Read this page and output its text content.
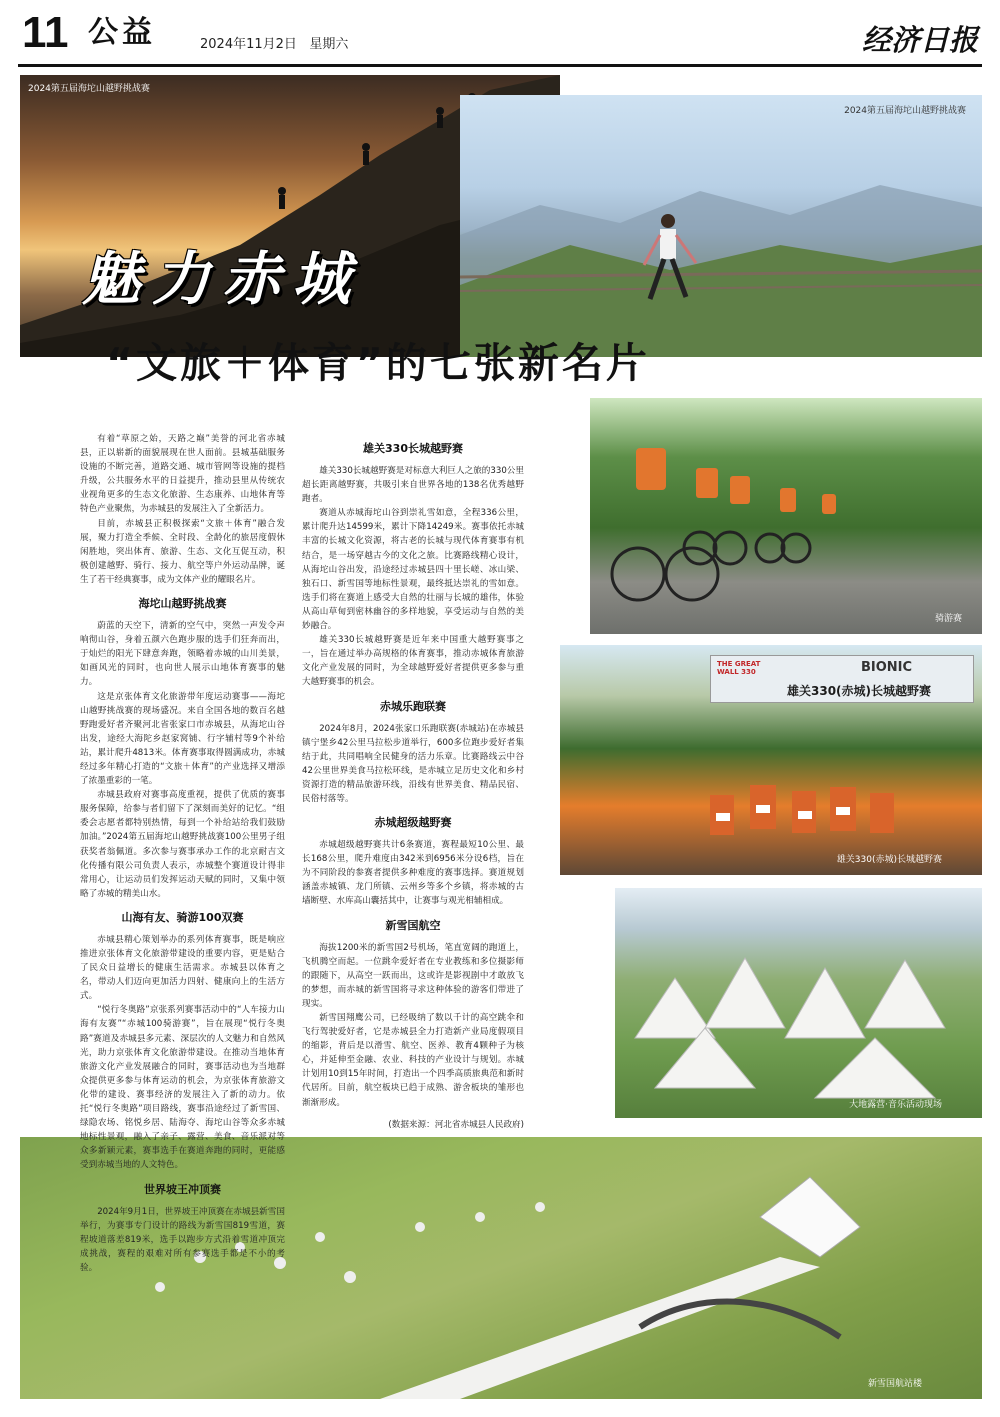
11 公益	2024年11月2日 星期六	经济日报
2024第五届海坨山越野挑战赛
2024第五届海坨山越野挑战赛
魅力赤城
“文旅＋体育”的七张新名片
骑游赛
THE GREAT WALL 330	BIONIC
雄关330(赤城)长城越野赛
雄关330(赤城)长城越野赛
大地露营·音乐活动现场
新雪国航站楼

有着“草原之始，天路之巅”美誉的河北省赤城县，正以崭新的面貌展现在世人面前。县城基础服务设施的不断完善，道路交通、城市管网等设施的提档升级，公共服务水平的日益提升，推动县里从传统农业视角更多的生态文化旅游、生态康养、山地体育等特色产业聚焦，为赤城县的发展注入了全新活力。

目前，赤城县正积极探索“文旅＋体育”融合发展，聚力打造全季候、全时段、全龄化的旅居度假休闲胜地，突出体育、旅游、生态、文化互促互动，积极创建越野、骑行、接力、航空等户外运动品牌，诞生了若干经典赛事，成为文体产业的耀眼名片。

海坨山越野挑战赛

蔚蓝的天空下，清新的空气中，突然一声发令声响彻山谷，身着五颜六色跑步服的选手们狂奔而出，于灿烂的阳光下肆意奔跑，领略着赤城的山川美景，如画风光的同时，也向世人展示山地体育赛事的魅力。

这是京张体育文化旅游带年度运动赛事——海坨山越野挑战赛的现场盛况。来自全国各地的数百名越野跑爱好者齐聚河北省张家口市赤城县，从海坨山谷出发，途经大海陀乡赵家窝铺、行字辅村等9个补给站，累计爬升4813米。体育赛事取得圆满成功，赤城经过多年精心打造的“文旅＋体育”的产业选择又增添了浓墨重彩的一笔。

赤城县政府对赛事高度重视，提供了优质的赛事服务保障，给参与者们留下了深刻而美好的记忆。“组委会志愿者都特别热情，每到一个补给站给我们鼓励加油。”2024第五届海坨山越野挑战赛100公里男子组获奖者翁佩道。多次参与赛事承办工作的北京耐吉文化传播有限公司负责人表示，赤城整个赛道设计得非常用心，让运动员们发挥运动天赋的同时，又集中领略了赤城的精美山水。

山海有友、骑游100双赛

赤城县精心策划举办的系列体育赛事，既是响应推进京张体育文化旅游带建设的重要内容，更是贴合了民众日益增长的健康生活需求。赤城县以体育之名，带动人们迈向更加活力四射、健康向上的生活方式。

“悦行冬奥路”京张系列赛事活动中的“人车接力山海有友赛”“赤城100骑游赛”，旨在展现“悦行冬奥路”赛道及赤城县多元素、深层次的人文魅力和自然风光，助力京张体育文化旅游带建设。在推动当地体育旅游文化产业发展融合的同时，赛事活动也为当地群众提供更多参与体育运动的机会，为京张体育旅游文化带的建设、赛事经济的发展注入了新的动力。依托“悦行冬奥路”项目路线，赛事沿途经过了新雪国、绿隐农场、铭悦乡居、陆海夺、海坨山谷等众多赤城地标性景观，融入了亲子、露营、美食、音乐派对等众多新颖元素，赛事选手在赛道奔跑的同时，更能感受到赤城当地的人文特色。

世界坡王冲顶赛

2024年9月1日，世界坡王冲顶赛在赤城县新雪国举行，为赛事专门设计的路线为新雪国819雪道，赛程坡道落差819米，选手以跑步方式沿着雪道冲顶完成挑战，赛程的艰难对所有参赛选手都是不小的考验。

雄关330长城越野赛

雄关330长城越野赛是对标意大利巨人之旅的330公里超长距离越野赛，共吸引来自世界各地的138名优秀越野跑者。

赛道从赤城海坨山谷到崇礼雪如意，全程336公里，累计爬升达14599米，累计下降14249米。赛事依托赤城丰富的长城文化资源，将古老的长城与现代体育赛事有机结合，是一场穿越古今的文化之旅。比赛路线精心设计，从海坨山谷出发，沿途经过赤城县四十里长嵯、冰山梁、独石口、新雪国等地标性景观，最终抵达崇礼的雪如意。选手们将在赛道上感受大自然的壮丽与长城的雄伟，体验从高山草甸到密林幽谷的多样地貌，享受运动与自然的美妙融合。

雄关330长城越野赛是近年来中国重大越野赛事之一，旨在通过举办高规格的体育赛事，推动赤城体育旅游文化产业发展的同时，为全球越野爱好者提供更多参与重大越野赛事的机会。

赤城乐跑联赛

2024年8月，2024张家口乐跑联赛(赤城站)在赤城县镇宁堡乡42公里马拉松步道举行，600多位跑步爱好者集结于此，共同唱响全民健身的活力乐章。比赛路线云中谷42公里世界美食马拉松环线，是赤城立足历史文化和乡村资源打造的精品旅游环线，沿线有世界美食、精品民宿、民俗村落等。

赤城超级越野赛

赤城超级越野赛共计6条赛道，赛程最短10公里、最长168公里，爬升难度由342米到6956米分设6档，旨在为不同阶段的参赛者提供多种难度的赛事选择。赛道规划涵盖赤城镇、龙门所镇、云州乡等多个乡镇，将赤城的古墙断壁、水库高山囊括其中，让赛事与观光相辅相成。

新雪国航空

海拔1200米的新雪国2号机场，笔直宽阔的跑道上，飞机腾空而起。一位跳伞爱好者在专业教练和多位摄影师的跟随下，从高空一跃而出，这或许是影视剧中才敢放飞的梦想，而赤城的新雪国将寻求这种体验的游客们带进了现实。

新雪国翔鹰公司，已经吸纳了数以千计的高空跳伞和飞行驾驶爱好者，它是赤城县全力打造新产业局度假项目的缩影，背后是以滑雪、航空、医养、教育4颗种子为核心，并延伸至金融、农业、科技的产业设计与规划。赤城计划用10到15年时间，打造出一个四季高质旅典范和新时代居所。目前，航空板块已趋于成熟、游舍板块的雏形也渐渐形成。

(数据来源：河北省赤城县人民政府)
